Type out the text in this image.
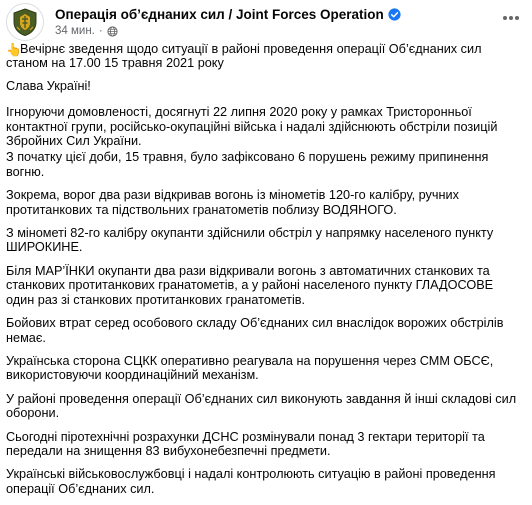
Операція об’єднаних сил / Joint Forces Operation
34 мин. ·

👆Вечірнє зведення щодо ситуації в районі проведення операції Об’єднаних сил станом на 17.00 15 травня 2021 року

Слава Україні!

Ігноруючи домовленості, досягнуті 22 липня 2020 року у рамках Тристоронньої контактної групи, російсько-окупаційні війська і надалі здійснюють обстріли позицій Збройних Сил України.

З початку цієї доби, 15 травня, було зафіксовано 6 порушень режиму припинення вогню.

Зокрема, ворог два рази відкривав вогонь із мінометів 120-го калібру, ручних протитанкових та підствольних гранатометів поблизу ВОДЯНОГО.

З мінометі 82-го калібру окупанти здійснили обстріл у напрямку населеного пункту ШИРОКИНЕ.

Біля МАР’ЇНКИ окупанти два рази відкривали вогонь з автоматичних станкових та станкових протитанкових гранатометів, а у районі населеного пункту ГЛАДОСОВЕ один раз зі станкових протитанкових гранатометів.

Бойових втрат серед особового складу Об’єднаних сил внаслідок ворожих обстрілів немає.

Українська сторона СЦКК оперативно реагувала на порушення через СММ ОБСЄ, використовуючи координаційний механізм.

У районі проведення операції Об’єднаних сил виконують завдання й інші складові сил оборони.

Сьогодні піротехнічні розрахунки ДСНС розмінували понад 3 гектари території та передали на знищення 83 вибухонебезпечні предмети.

Українські військовослужбовці і надалі контролюють ситуацію в районі проведення операції Об’єднаних сил.
